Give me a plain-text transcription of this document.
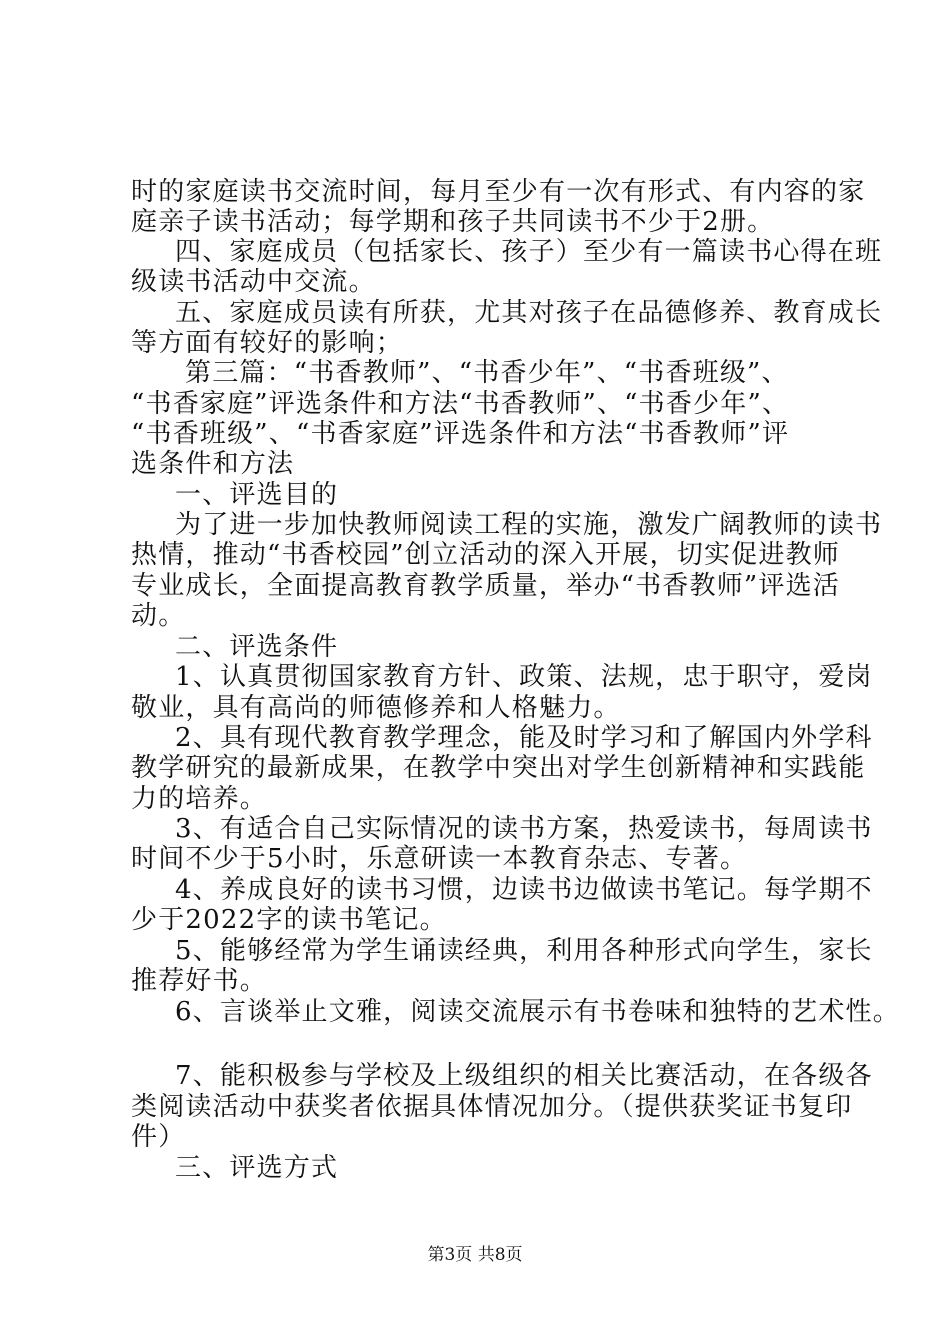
时的家庭读书交流时间，每月至少有一次有形式、有内容的家
庭亲子读书活动；每学期和孩子共同读书不少于2册。
四、家庭成员（包括家长、孩子）至少有一篇读书心得在班
级读书活动中交流。
五、家庭成员读有所获，尤其对孩子在品德修养、教育成长
等方面有较好的影响；
第三篇：“书香教师”、“书香少年”、“书香班级”、
“书香家庭”评选条件和方法“书香教师”、“书香少年”、
“书香班级”、“书香家庭”评选条件和方法“书香教师”评
选条件和方法
一、评选目的
为了进一步加快教师阅读工程的实施，激发广阔教师的读书
热情，推动“书香校园”创立活动的深入开展，切实促进教师
专业成长，全面提高教育教学质量，举办“书香教师”评选活
动。
二、评选条件
1、认真贯彻国家教育方针、政策、法规，忠于职守，爱岗
敬业，具有高尚的师德修养和人格魅力。
2、具有现代教育教学理念，能及时学习和了解国内外学科
教学研究的最新成果，在教学中突出对学生创新精神和实践能
力的培养。
3、有适合自己实际情况的读书方案，热爱读书，每周读书
时间不少于5小时，乐意研读一本教育杂志、专著。
4、养成良好的读书习惯，边读书边做读书笔记。每学期不
少于2022字的读书笔记。
5、能够经常为学生诵读经典，利用各种形式向学生，家长
推荐好书。
6、言谈举止文雅，阅读交流展示有书卷味和独特的艺术性。
7、能积极参与学校及上级组织的相关比赛活动，在各级各
类阅读活动中获奖者依据具体情况加分。（提供获奖证书复印
件）
三、评选方式
第3页 共8页
